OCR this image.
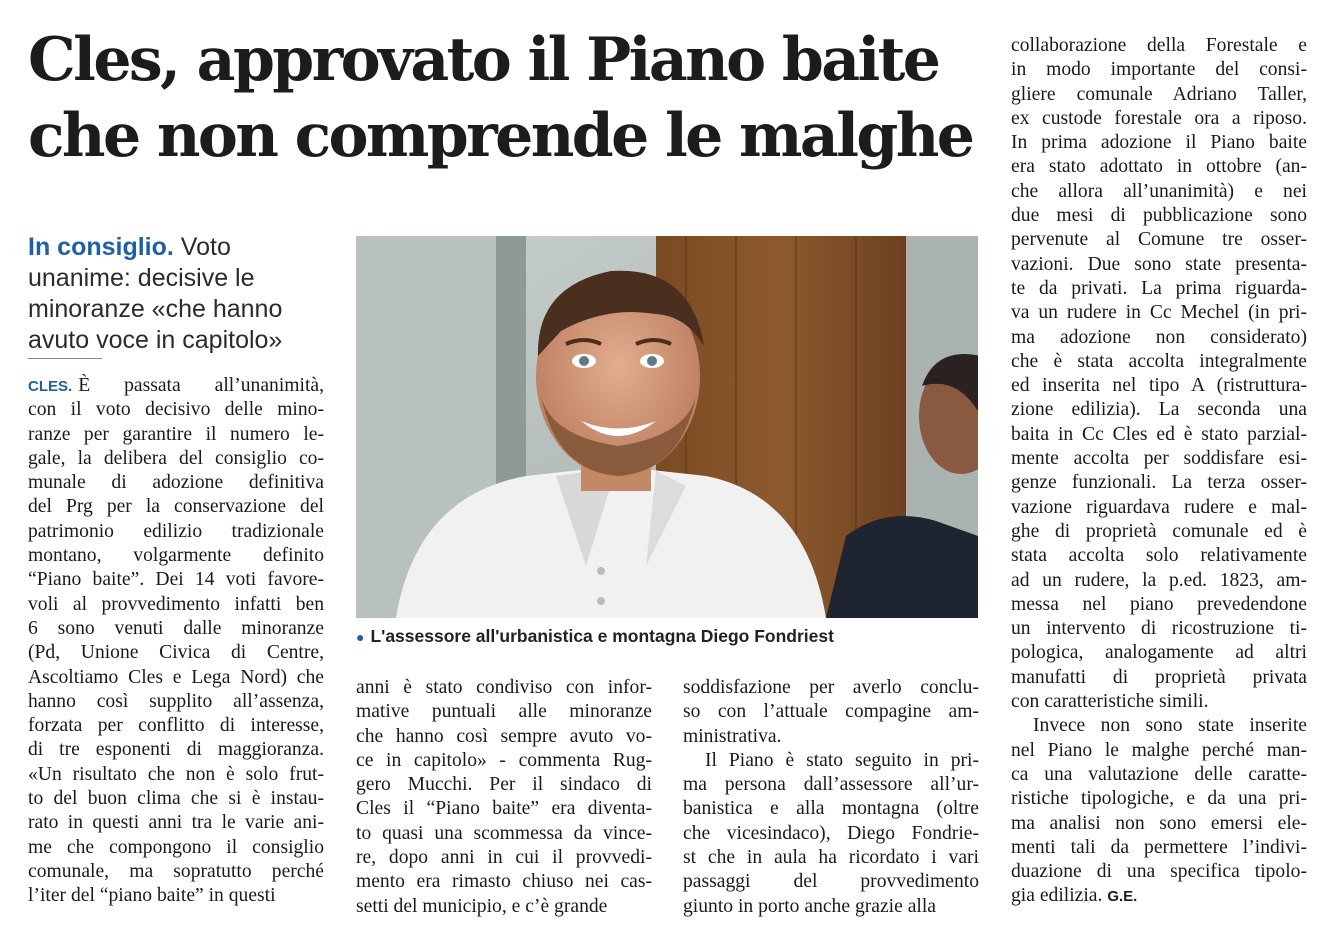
Cles, approvato il Piano baite
che non comprende le malghe
In consiglio. Voto
unanime: decisive le
minoranze «che hanno
avuto voce in capitolo»
CLES. È passata all’unanimità,
con il voto decisivo delle mino-
ranze per garantire il numero le-
gale, la delibera del consiglio co-
munale di adozione definitiva
del Prg per la conservazione del
patrimonio edilizio tradizionale
montano, volgarmente definito
“Piano baite”. Dei 14 voti favore-
voli al provvedimento infatti ben
6 sono venuti dalle minoranze
(Pd, Unione Civica di Centre,
Ascoltiamo Cles e Lega Nord) che
hanno così supplito all’assenza,
forzata per conflitto di interesse,
di tre esponenti di maggioranza.
«Un risultato che non è solo frut-
to del buon clima che si è instau-
rato in questi anni tra le varie ani-
me che compongono il consiglio
comunale, ma sopratutto perché
l’iter del “piano baite” in questi
● L'assessore all'urbanistica e montagna Diego Fondriest
anni è stato condiviso con infor-
mative puntuali alle minoranze
che hanno così sempre avuto vo-
ce in capitolo» - commenta Rug-
gero Mucchi. Per il sindaco di
Cles il “Piano baite” era diventa-
to quasi una scommessa da vince-
re, dopo anni in cui il provvedi-
mento era rimasto chiuso nei cas-
setti del municipio, e c’è grande
soddisfazione per averlo conclu-
so con l’attuale compagine am-
ministrativa.
Il Piano è stato seguito in pri-
ma persona dall’assessore all’ur-
banistica e alla montagna (oltre
che vicesindaco), Diego Fondrie-
st che in aula ha ricordato i vari
passaggi del provvedimento
giunto in porto anche grazie alla
collaborazione della Forestale e
in modo importante del consi-
gliere comunale Adriano Taller,
ex custode forestale ora a riposo.
In prima adozione il Piano baite
era stato adottato in ottobre (an-
che allora all’unanimità) e nei
due mesi di pubblicazione sono
pervenute al Comune tre osser-
vazioni. Due sono state presenta-
te da privati. La prima riguarda-
va un rudere in Cc Mechel (in pri-
ma adozione non considerato)
che è stata accolta integralmente
ed inserita nel tipo A (ristruttura-
zione edilizia). La seconda una
baita in Cc Cles ed è stato parzial-
mente accolta per soddisfare esi-
genze funzionali. La terza osser-
vazione riguardava rudere e mal-
ghe di proprietà comunale ed è
stata accolta solo relativamente
ad un rudere, la p.ed. 1823, am-
messa nel piano prevedendone
un intervento di ricostruzione ti-
pologica, analogamente ad altri
manufatti di proprietà privata
con caratteristiche simili.
Invece non sono state inserite
nel Piano le malghe perché man-
ca una valutazione delle caratte-
ristiche tipologiche, e da una pri-
ma analisi non sono emersi ele-
menti tali da permettere l’indivi-
duazione di una specifica tipolo-
gia edilizia. G.E.
